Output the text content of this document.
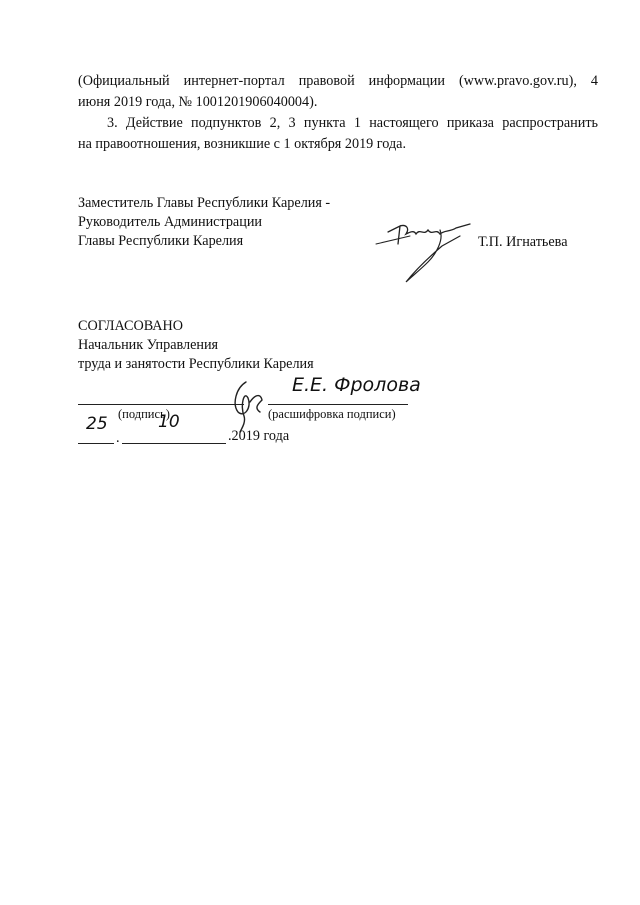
(Официальный интернет-портал правовой информации (www.pravo.gov.ru), 4
июня 2019 года, № 1001201906040004).
3. Действие подпунктов 2, 3 пункта 1 настоящего приказа распространить
на правоотношения, возникшие с 1 октября 2019 года.
Заместитель Главы Республики Карелия -
Руководитель Администрации
Главы Республики Карелия	Т.П. Игнатьева
СОГЛАСОВАНО
Начальник Управления
труда и занятости Республики Карелия
Е.Е. Фролова
(подпись)	(расшифровка подписи)
.
25	10
.2019 года
